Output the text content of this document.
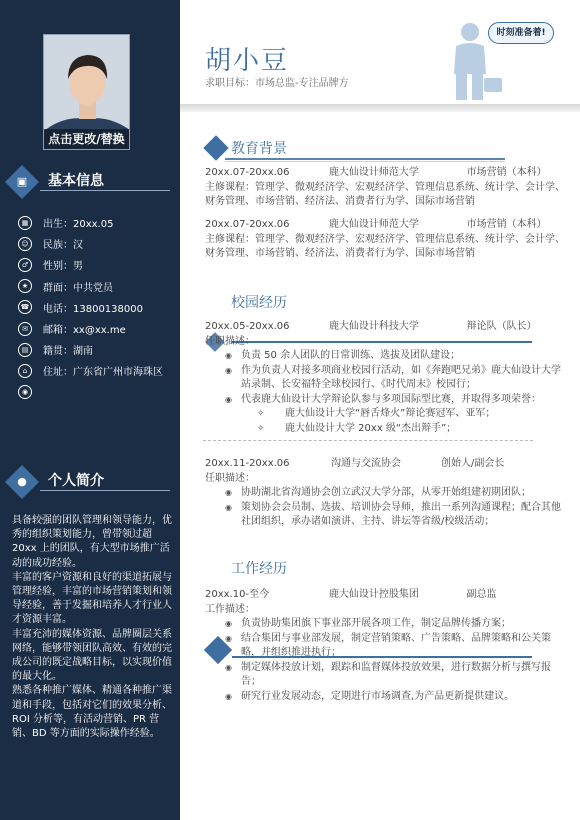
点击更改/替换
▣ 基本信息
▦	出生：20xx.05
☺	民族：汉
♂	性别：男
★	群面：中共党员
☎ 电话：13800138000
✉	邮箱：xx@xx.me
▤	籍贯：湖南
⌂	住址：广东省广州市海珠区
◉
● 个人简介

具备较强的团队管理和领导能力，优秀的组织策划能力，曾带领过超 20xx 上的团队，有大型市场推广活动的成功经验。

丰富的客户资源和良好的渠道拓展与管理经验，丰富的市场营销策划和领导经验，善于发掘和培养人才行业人才资源丰富。

丰富充沛的媒体资源、品牌圈层关系网络，能够带领团队高效、有效的完成公司的既定战略目标，以实现价值的最大化。

熟悉各种推广媒体、精通各种推广渠道和手段，包括对它们的效果分析、ROI 分析等，有活动营销、PR 营销、BD 等方面的实际操作经验。

胡小豆
求职目标：市场总监-专注品牌方
时刻准备着!
教育背景
20xx.07-20xx.06	鹿大仙设计师范大学	市场营销（本科）
主修课程：管理学、微观经济学、宏观经济学、管理信息系统、统计学、会计学、财务管理、市场营销、经济法、消费者行为学、国际市场营销
20xx.07-20xx.06	鹿大仙设计师范大学	市场营销（本科）
主修课程：管理学、微观经济学、宏观经济学、管理信息系统、统计学、会计学、财务管理、市场营销、经济法、消费者行为学、国际市场营销
校园经历
20xx.05-20xx.06	鹿大仙设计科技大学	辩论队（队长）
任职描述：
◉ 负责 50 余人团队的日常训练、选拔及团队建设；
◉ 作为负责人对接多项商业校园行活动，如《奔跑吧兄弟》鹿大仙设计大学站录制、长安福特全球校园行、《时代周末》校园行；
◉ 代表鹿大仙设计大学辩论队参与多项国际型比赛，并取得多项荣誉：
✧ 鹿大仙设计大学“唇舌烽火”辩论赛冠军、亚军；
✧ 鹿大仙设计大学 20xx 级“杰出辩手”；
20xx.11-20xx.06	沟通与交流协会	创始人/副会长
任职描述：
◉ 协助湖北省沟通协会创立武汉大学分部，从零开始组建初期团队；
◉ 策划协会会员制、选拔、培训协会导师，推出一系列沟通课程；配合其他社团组织，承办诸如演讲、主持、讲坛等省级/校级活动；
工作经历
20xx.10-至今	鹿大仙设计控股集团	副总监
工作描述：
◉ 负责协助集团旗下事业部开展各项工作，制定品牌传播方案；
◉ 结合集团与事业部发展，制定营销策略、广告策略、品牌策略和公关策略，并组织推进执行；
◉ 制定媒体投放计划，跟踪和监督媒体投放效果，进行数据分析与撰写报告；
◉ 研究行业发展动态，定期进行市场调查,为产品更新提供建议。
